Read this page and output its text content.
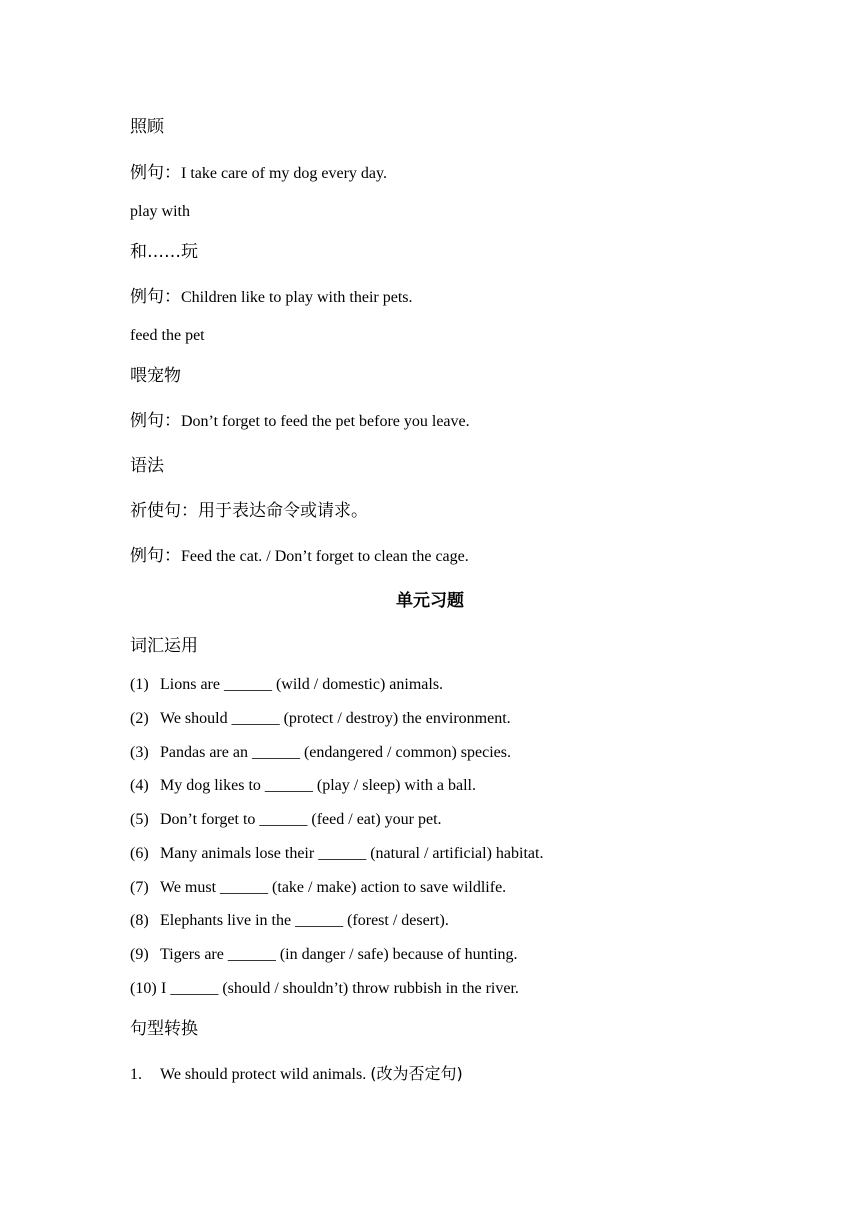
照顾
例句：I take care of my dog every day.
play with
和……玩
例句：Children like to play with their pets.
feed the pet
喂宠物
例句：Don’t forget to feed the pet before you leave.
语法
祈使句：用于表达命令或请求。
例句：Feed the cat. / Don’t forget to clean the cage.
单元习题
词汇运用
(1) Lions are ______ (wild / domestic) animals.
(2) We should ______ (protect / destroy) the environment.
(3) Pandas are an ______ (endangered / common) species.
(4) My dog likes to ______ (play / sleep) with a ball.
(5) Don’t forget to ______ (feed / eat) your pet.
(6) Many animals lose their ______ (natural / artificial) habitat.
(7) We must ______ (take / make) action to save wildlife.
(8) Elephants live in the ______ (forest / desert).
(9) Tigers are ______ (in danger / safe) because of hunting.
(10) I ______ (should / shouldn’t) throw rubbish in the river.
句型转换
1. We should protect wild animals. (改为否定句)
